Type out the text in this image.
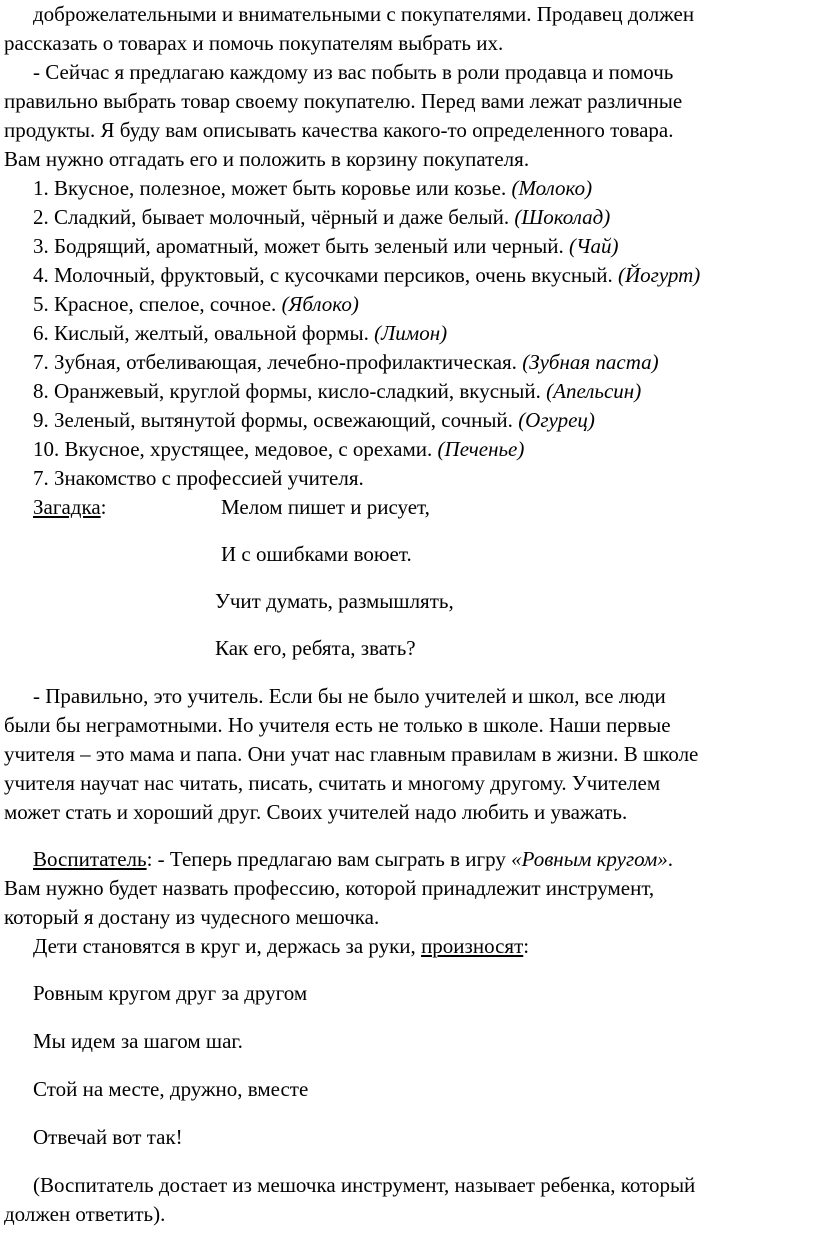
доброжелательными и внимательными с покупателями. Продавец должен
рассказать о товарах и помочь покупателям выбрать их.
- Сейчас я предлагаю каждому из вас побыть в роли продавца и помочь
правильно выбрать товар своему покупателю. Перед вами лежат различные
продукты. Я буду вам описывать качества какого-то определенного товара.
Вам нужно отгадать его и положить в корзину покупателя.
1. Вкусное, полезное, может быть коровье или козье. (Молоко)
2. Сладкий, бывает молочный, чёрный и даже белый. (Шоколад)
3. Бодрящий, ароматный, может быть зеленый или черный. (Чай)
4. Молочный, фруктовый, с кусочками персиков, очень вкусный. (Йогурт)
5. Красное, спелое, сочное. (Яблоко)
6. Кислый, желтый, овальной формы. (Лимон)
7. Зубная, отбеливающая, лечебно-профилактическая. (Зубная паста)
8. Оранжевый, круглой формы, кисло-сладкий, вкусный. (Апельсин)
9. Зеленый, вытянутой формы, освежающий, сочный. (Огурец)
10. Вкусное, хрустящее, медовое, с орехами. (Печенье)
7. Знакомство с профессией учителя.
Загадка:	Мелом пишет и рисует,
И с ошибками воюет.
Учит думать, размышлять,
Как его, ребята, звать?
- Правильно, это учитель. Если бы не было учителей и школ, все люди
были бы неграмотными. Но учителя есть не только в школе. Наши первые
учителя – это мама и папа. Они учат нас главным правилам в жизни. В школе
учителя научат нас читать, писать, считать и многому другому. Учителем
может стать и хороший друг. Своих учителей надо любить и уважать.
Воспитатель: - Теперь предлагаю вам сыграть в игру «Ровным кругом».
Вам нужно будет назвать профессию, которой принадлежит инструмент,
который я достану из чудесного мешочка.
Дети становятся в круг и, держась за руки, произносят:
Ровным кругом друг за другом
Мы идем за шагом шаг.
Стой на месте, дружно, вместе
Отвечай вот так!
(Воспитатель достает из мешочка инструмент, называет ребенка, который
должен ответить).
